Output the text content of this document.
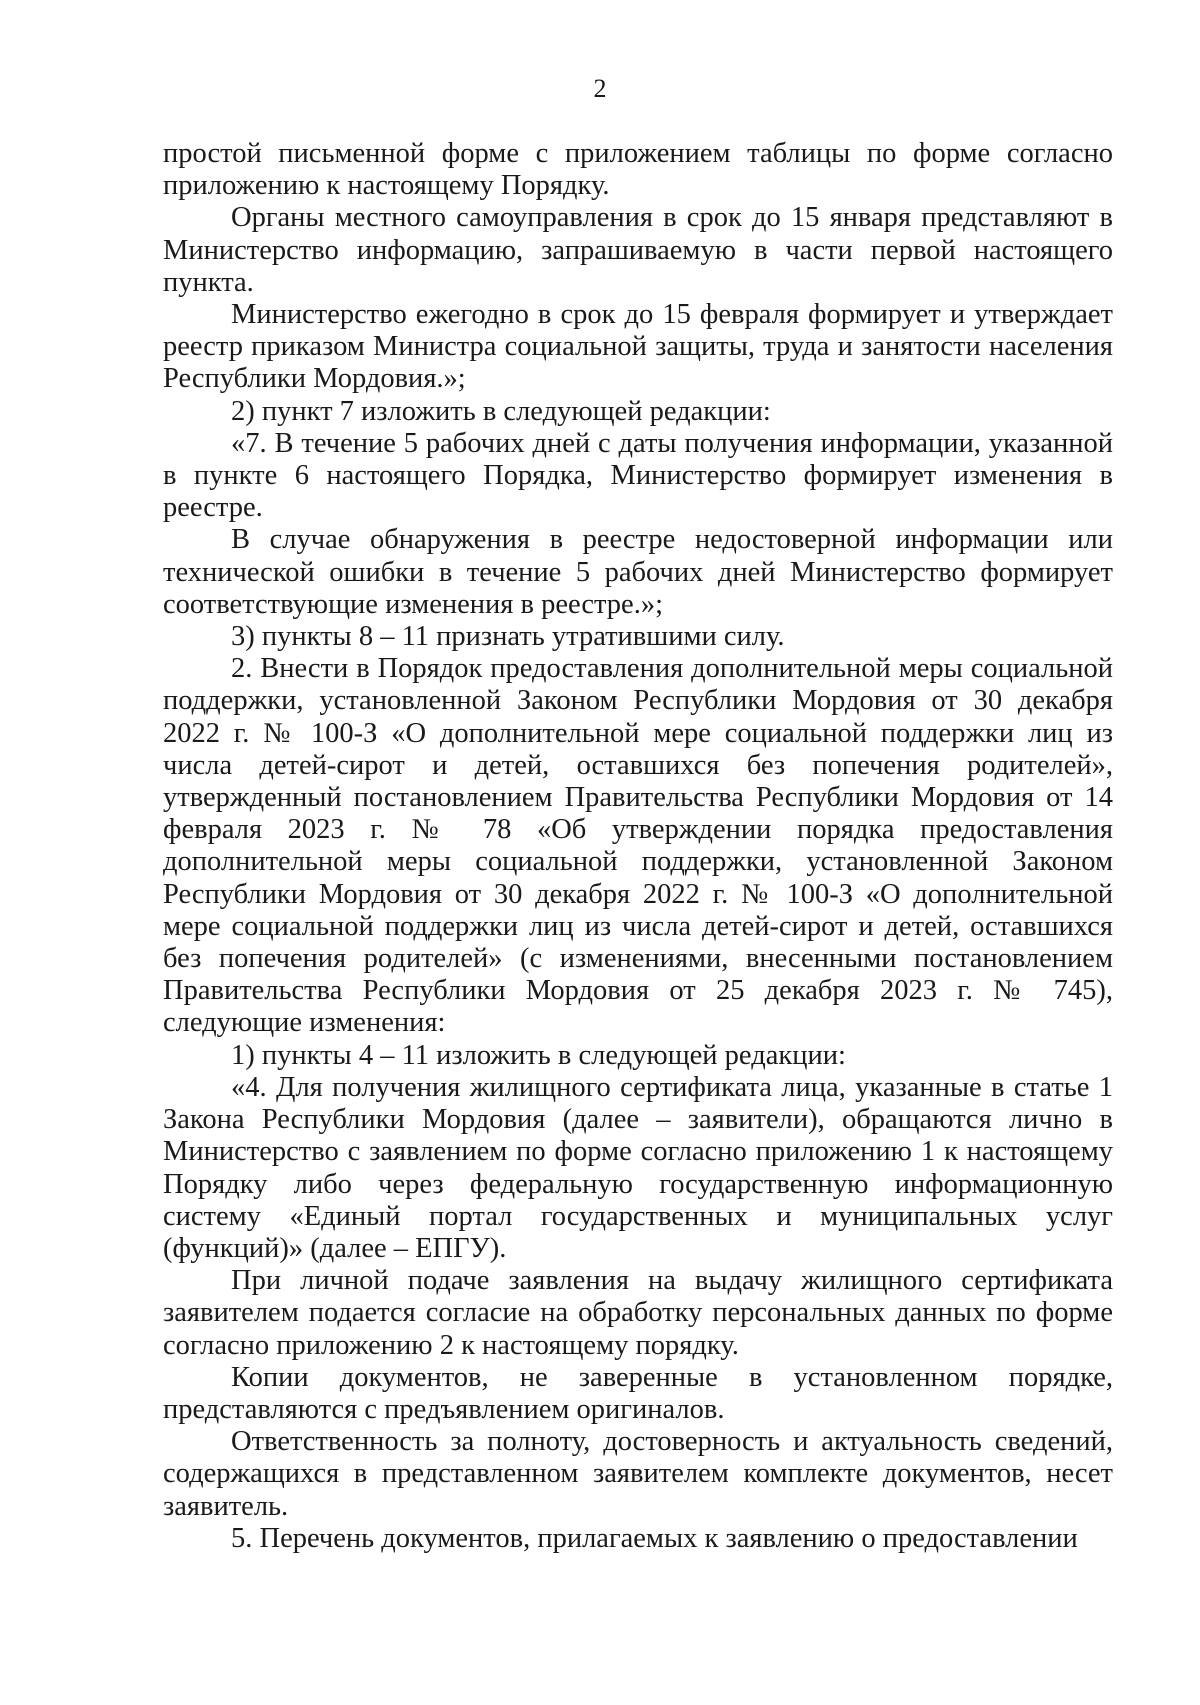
2

простой письменной форме с приложением таблицы по форме согласно приложению к настоящему Порядку.

Органы местного самоуправления в срок до 15 января представляют в Министерство информацию, запрашиваемую в части первой настоящего пункта.

Министерство ежегодно в срок до 15 февраля формирует и утверждает реестр приказом Министра социальной защиты, труда и занятости населения Республики Мордовия.»;

2) пункт 7 изложить в следующей редакции:

«7. В течение 5 рабочих дней с даты получения информации, указанной в пункте 6 настоящего Порядка, Министерство формирует изменения в реестре.

В случае обнаружения в реестре недостоверной информации или технической ошибки в течение 5 рабочих дней Министерство формирует соответствующие изменения в реестре.»;

3) пункты 8 – 11 признать утратившими силу.

2. Внести в Порядок предоставления дополнительной меры социальной поддержки, установленной Законом Республики Мордовия от 30 декабря 2022 г. № 100-З «О дополнительной мере социальной поддержки лиц из числа детей-сирот и детей, оставшихся без попечения родителей», утвержденный постановлением Правительства Республики Мордовия от 14 февраля 2023 г. № 78 «Об утверждении порядка предоставления дополнительной меры социальной поддержки, установленной Законом Республики Мордовия от 30 декабря 2022 г. № 100-З «О дополнительной мере социальной поддержки лиц из числа детей-сирот и детей, оставшихся без попечения родителей» (с изменениями, внесенными постановлением Правительства Республики Мордовия от 25 декабря 2023 г. № 745), следующие изменения:

1) пункты 4 – 11 изложить в следующей редакции:

«4. Для получения жилищного сертификата лица, указанные в статье 1 Закона Республики Мордовия (далее – заявители), обращаются лично в Министерство с заявлением по форме согласно приложению 1 к настоящему Порядку либо через федеральную государственную информационную систему «Единый портал государственных и муниципальных услуг (функций)» (далее – ЕПГУ).

При личной подаче заявления на выдачу жилищного сертификата заявителем подается согласие на обработку персональных данных по форме согласно приложению 2 к настоящему порядку.

Копии документов, не заверенные в установленном порядке, представляются с предъявлением оригиналов.

Ответственность за полноту, достоверность и актуальность сведений, содержащихся в представленном заявителем комплекте документов, несет заявитель.

5. Перечень документов, прилагаемых к заявлению о предоставлении
